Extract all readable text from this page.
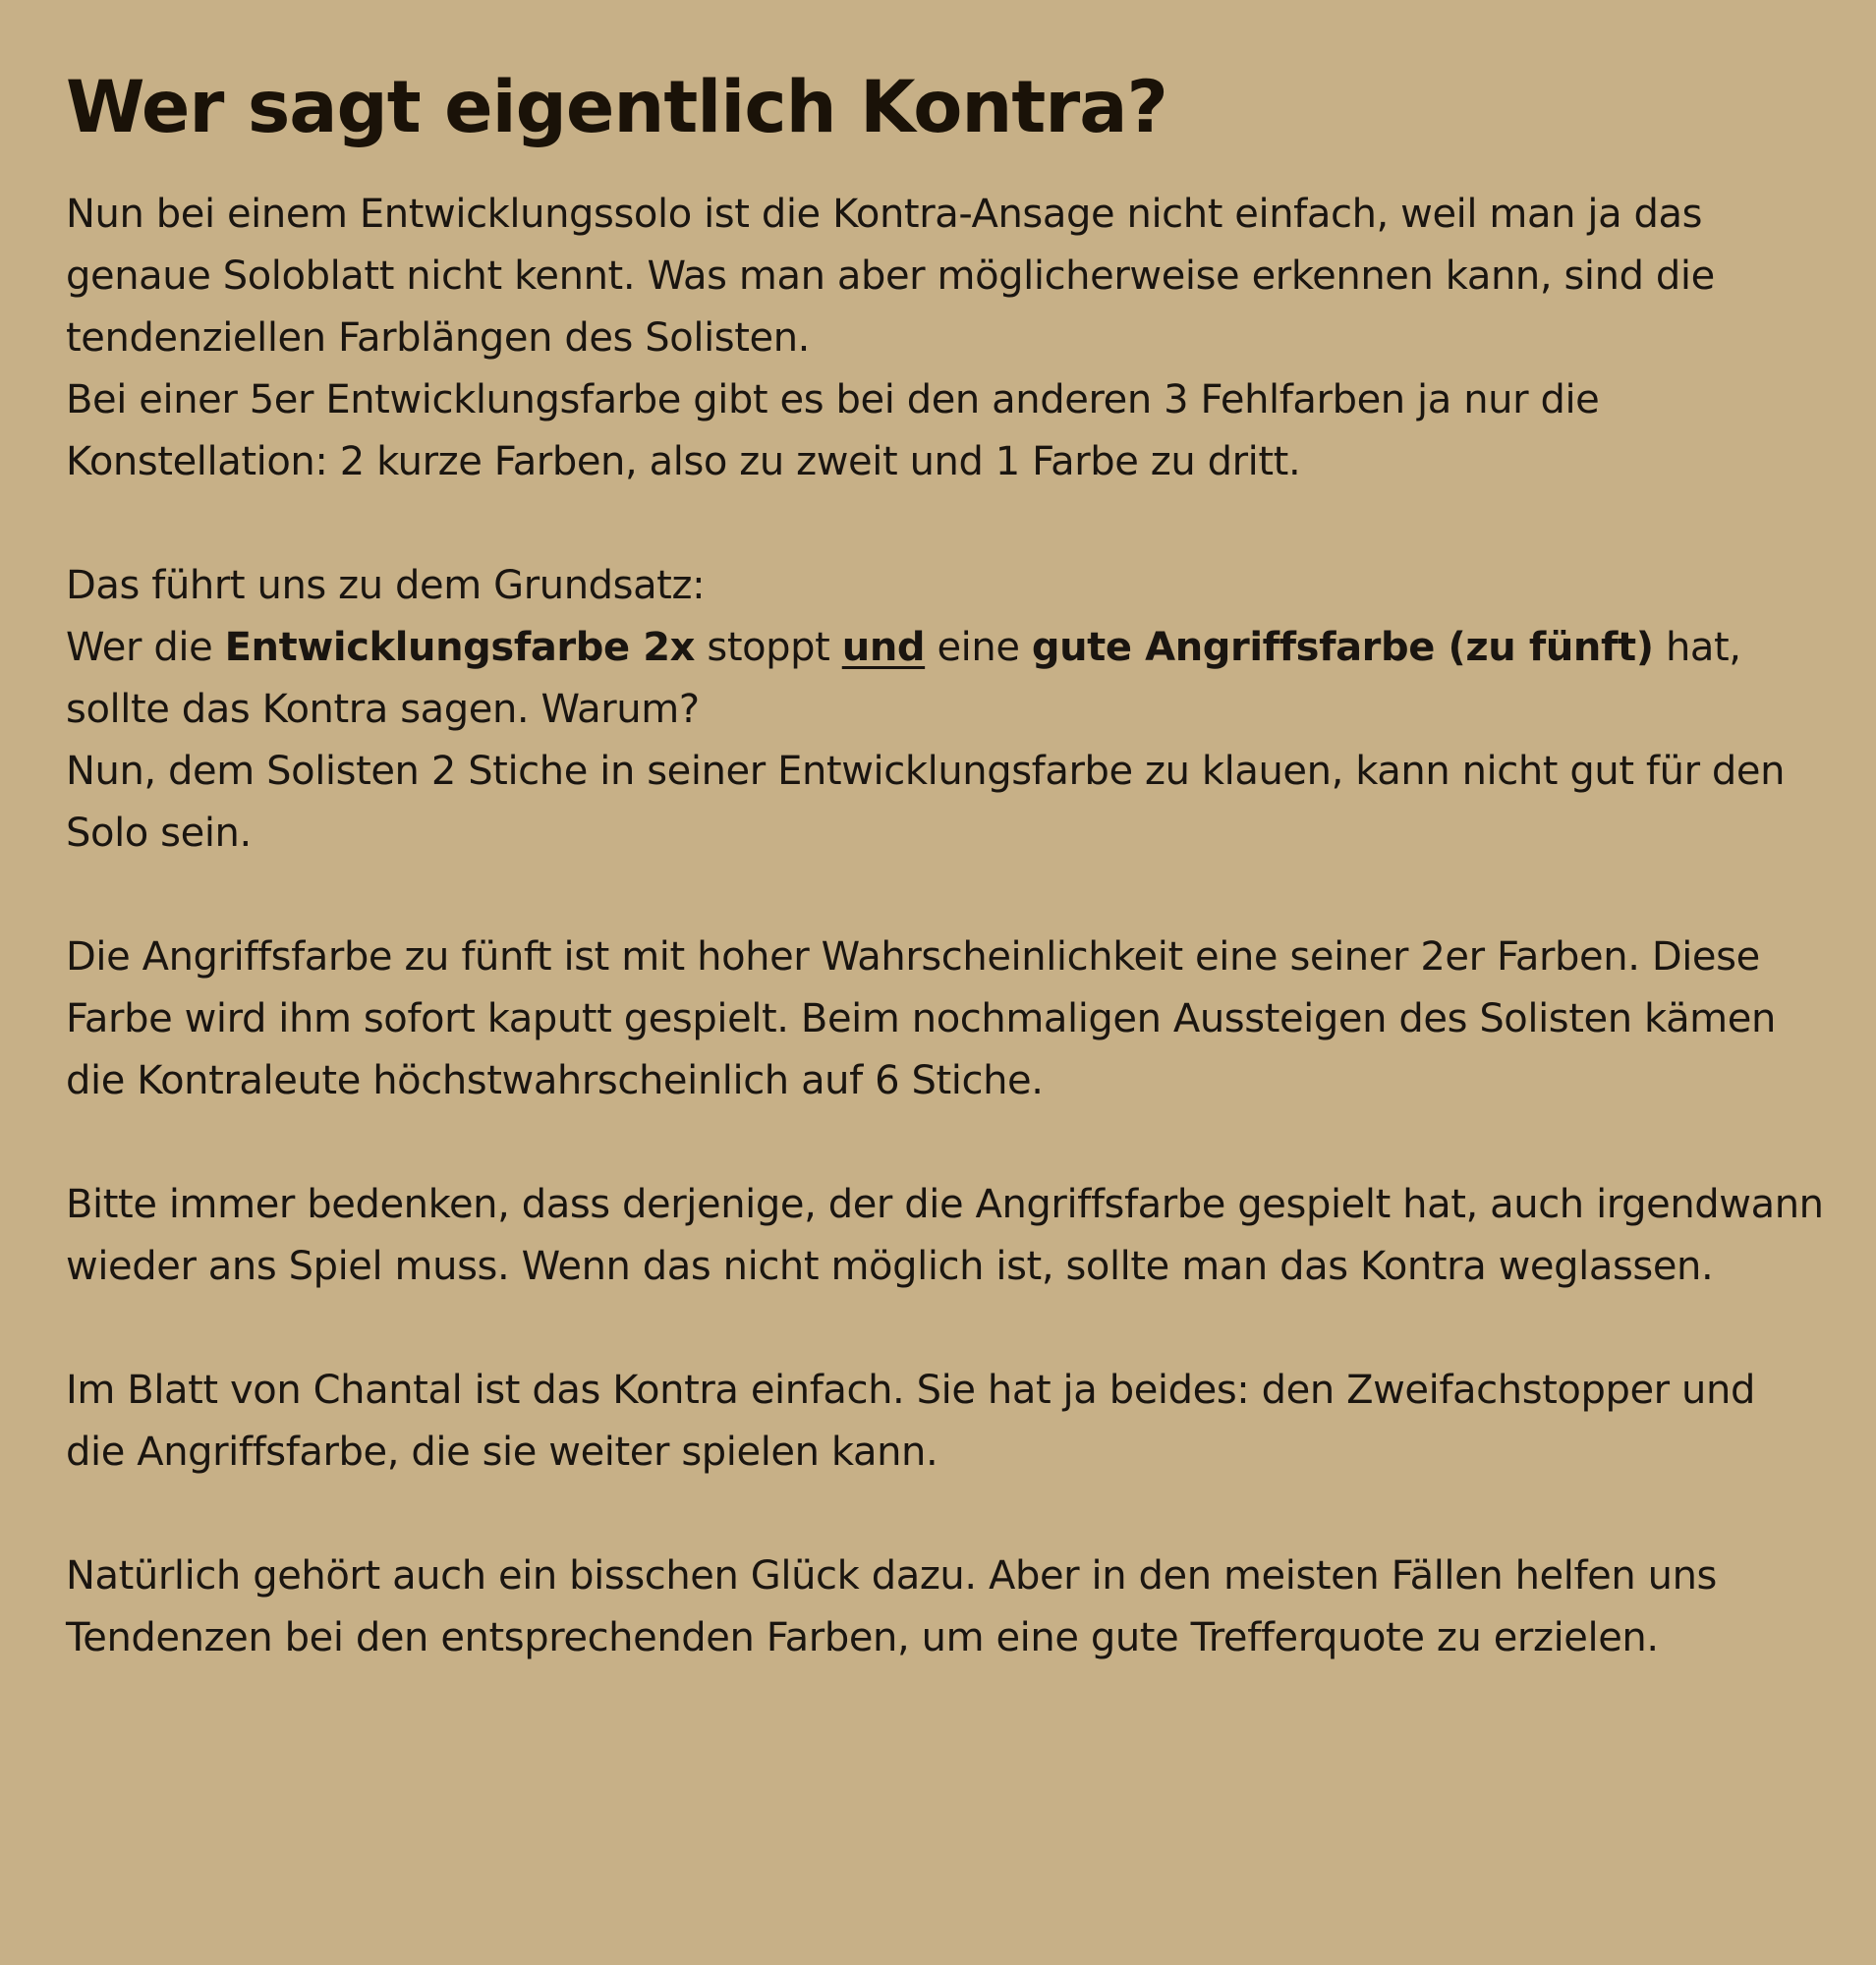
Wer sagt eigentlich Kontra?

Nun bei einem Entwicklungssolo ist die Kontra-Ansage nicht einfach, weil man ja das genaue Soloblatt nicht kennt. Was man aber möglicherweise erkennen kann, sind die tendenziellen Farblängen des Solisten.

Bei einer 5er Entwicklungsfarbe gibt es bei den anderen 3 Fehlfarben ja nur die Konstellation: 2 kurze Farben, also zu zweit und 1 Farbe zu dritt.

Das führt uns zu dem Grundsatz:

Wer die Entwicklungsfarbe 2x stoppt und eine gute Angriffsfarbe (zu fünft) hat, sollte das Kontra sagen. Warum?

Nun, dem Solisten 2 Stiche in seiner Entwicklungsfarbe zu klauen, kann nicht gut für den Solo sein.

Die Angriffsfarbe zu fünft ist mit hoher Wahrscheinlichkeit eine seiner 2er Farben. Diese Farbe wird ihm sofort kaputt gespielt. Beim nochmaligen Aussteigen des Solisten kämen die Kontraleute höchstwahrscheinlich auf 6 Stiche.

Bitte immer bedenken, dass derjenige, der die Angriffsfarbe gespielt hat, auch irgendwann wieder ans Spiel muss. Wenn das nicht möglich ist, sollte man das Kontra weglassen.

Im Blatt von Chantal ist das Kontra einfach. Sie hat ja beides: den Zweifachstopper und die Angriffsfarbe, die sie weiter spielen kann.

Natürlich gehört auch ein bisschen Glück dazu. Aber in den meisten Fällen helfen uns Tendenzen bei den entsprechenden Farben, um eine gute Trefferquote zu erzielen.
